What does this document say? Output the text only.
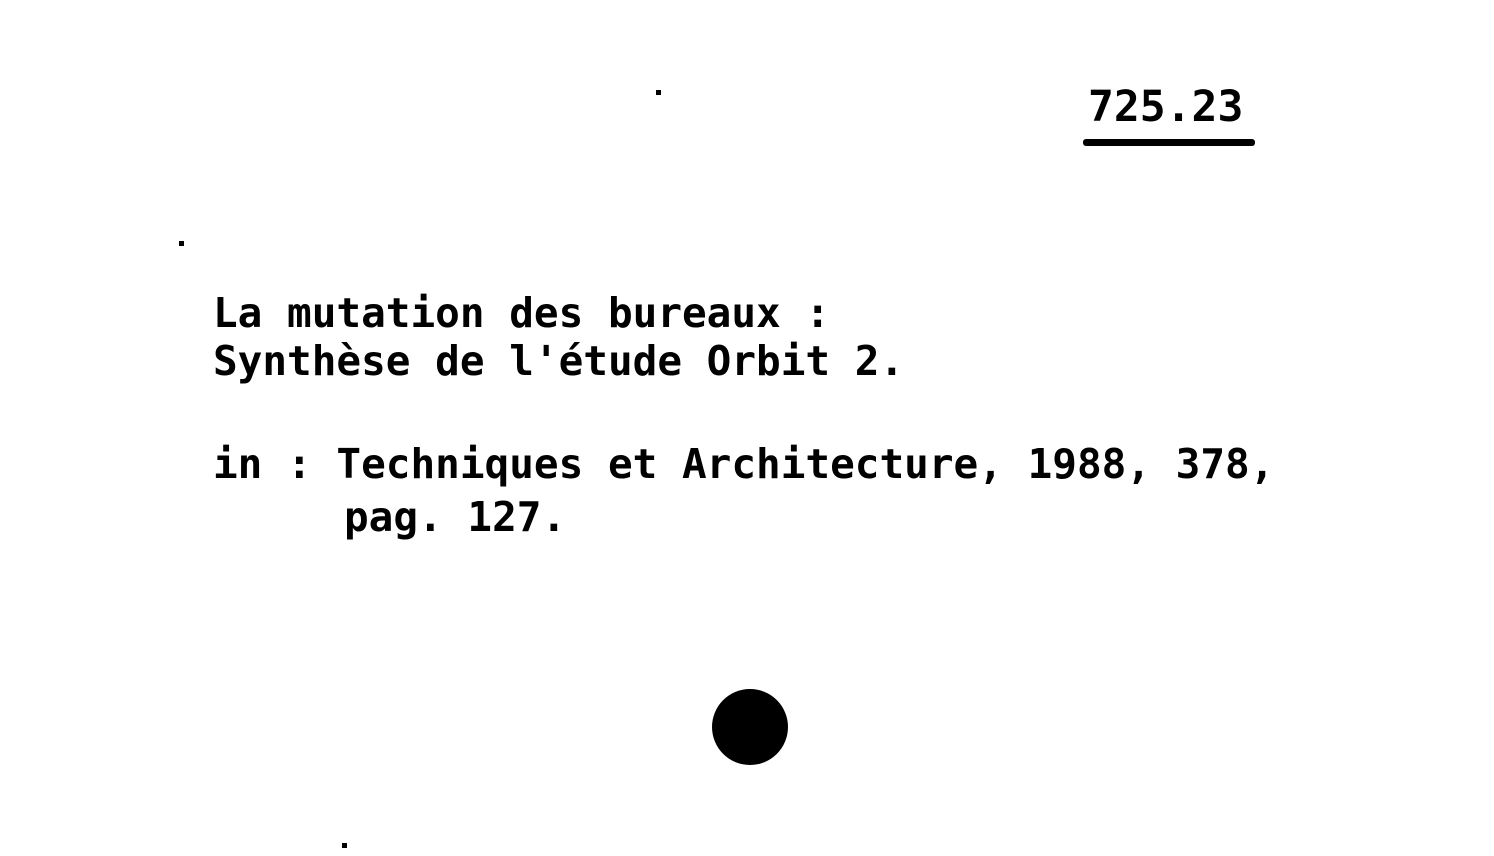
725.23
La mutation des bureaux :
Synthèse de l'étude Orbit 2.
in : Techniques et Architecture, 1988, 378,
pag. 127.
